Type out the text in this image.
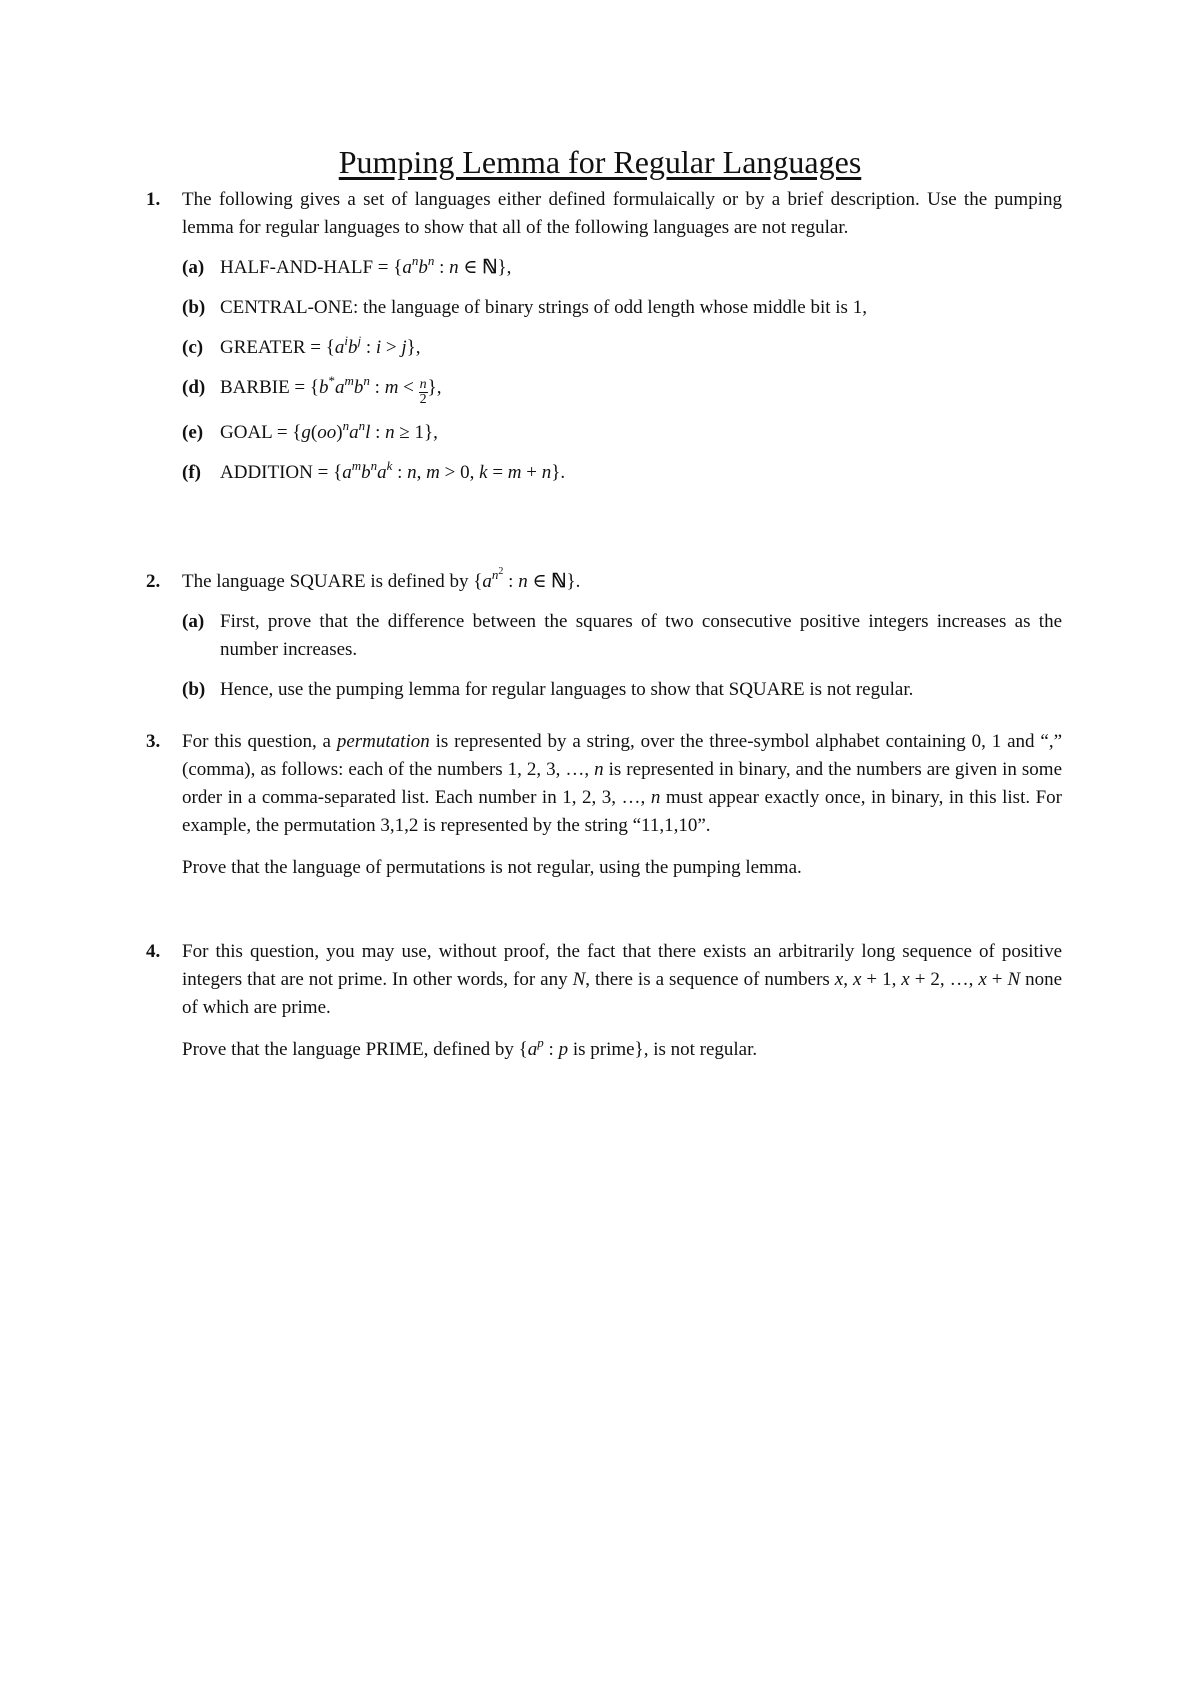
Pumping Lemma for Regular Languages
1. The following gives a set of languages either defined formulaically or by a brief description. Use the pumping lemma for regular languages to show that all of the following languages are not regular.
(a) HALF-AND-HALF = {$a^nb^n$ : n ∈ ℕ},
(b) CENTRAL-ONE: the language of binary strings of odd length whose middle bit is 1,
(c) GREATER = {$a^ib^j$ : i > j},
(d) BARBIE = {$b^*a^mb^n$ : $m < \frac{n}{2}$ },
(e) GOAL = {$g(oo)^na^nl$ : n ≥ 1},
(f) ADDITION = {$a^mb^na^k$ : n, m > 0, k = m + n}.
2. The language SQUARE is defined by {$a^{n^2}$ : n ∈ ℕ}.
(a) First, prove that the difference between the squares of two consecutive positive integers increases as the number increases.
(b) Hence, use the pumping lemma for regular languages to show that SQUARE is not regular.
3. For this question, a permutation is represented by a string, over the three-symbol alphabet containing 0, 1 and “,” (comma), as follows: each of the numbers 1, 2, 3, …, n is represented in binary, and the numbers are given in some order in a comma-separated list. Each number in 1, 2, 3, …, n must appear exactly once, in binary, in this list. For example, the permutation 3,1,2 is represented by the string “11,1,10”.
Prove that the language of permutations is not regular, using the pumping lemma.
4. For this question, you may use, without proof, the fact that there exists an arbitrarily long sequence of positive integers that are not prime. In other words, for any N, there is a sequence of numbers x, x + 1, x + 2, …, x + N none of which are prime.
Prove that the language PRIME, defined by {$a^p$ : p is prime}, is not regular.
